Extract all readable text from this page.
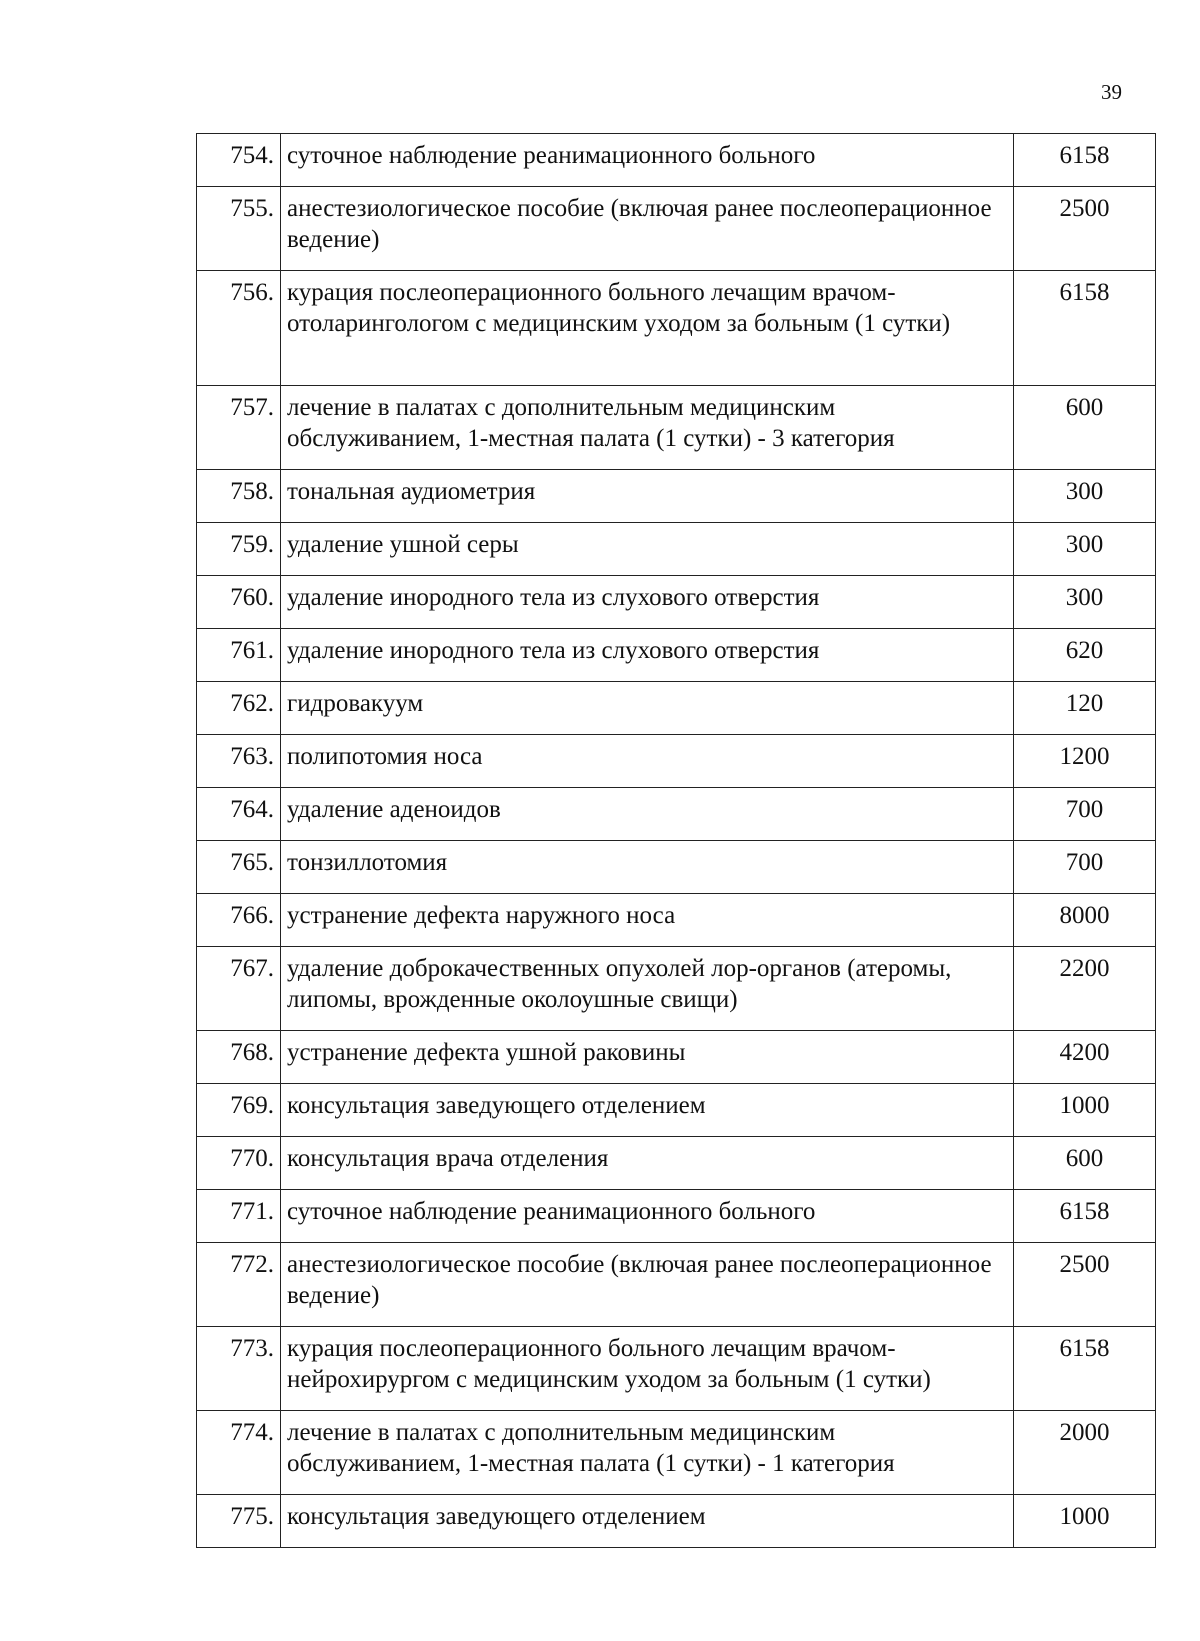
39
754.	суточное наблюдение реанимационного больного	6158
755.	анестезиологическое пособие (включая ранее послеоперационное ведение)	2500
756.	курация послеоперационного больного лечащим врачом-отоларингологом с медицинским уходом за больным (1 сутки)	6158
757.	лечение в палатах с дополнительным медицинским обслуживанием, 1-местная палата (1 сутки) - 3 категория	600
758.	тональная аудиометрия	300
759.	удаление ушной серы	300
760.	удаление инородного тела из слухового отверстия	300
761.	удаление инородного тела из слухового отверстия	620
762.	гидровакуум	120
763.	полипотомия носа	1200
764.	удаление аденоидов	700
765.	тонзиллотомия	700
766.	устранение дефекта наружного носа	8000
767.	удаление доброкачественных опухолей лор-органов (атеромы, липомы, врожденные околоушные свищи)	2200
768.	устранение дефекта ушной раковины	4200
769.	консультация заведующего отделением	1000
770.	консультация врача отделения	600
771.	суточное наблюдение реанимационного больного	6158
772.	анестезиологическое пособие (включая ранее послеоперационное ведение)	2500
773.	курация послеоперационного больного лечащим врачом-нейрохирургом с медицинским уходом за больным (1 сутки)	6158
774.	лечение в палатах с дополнительным медицинским обслуживанием, 1-местная палата (1 сутки) - 1 категория	2000
775.	консультация заведующего отделением	1000
